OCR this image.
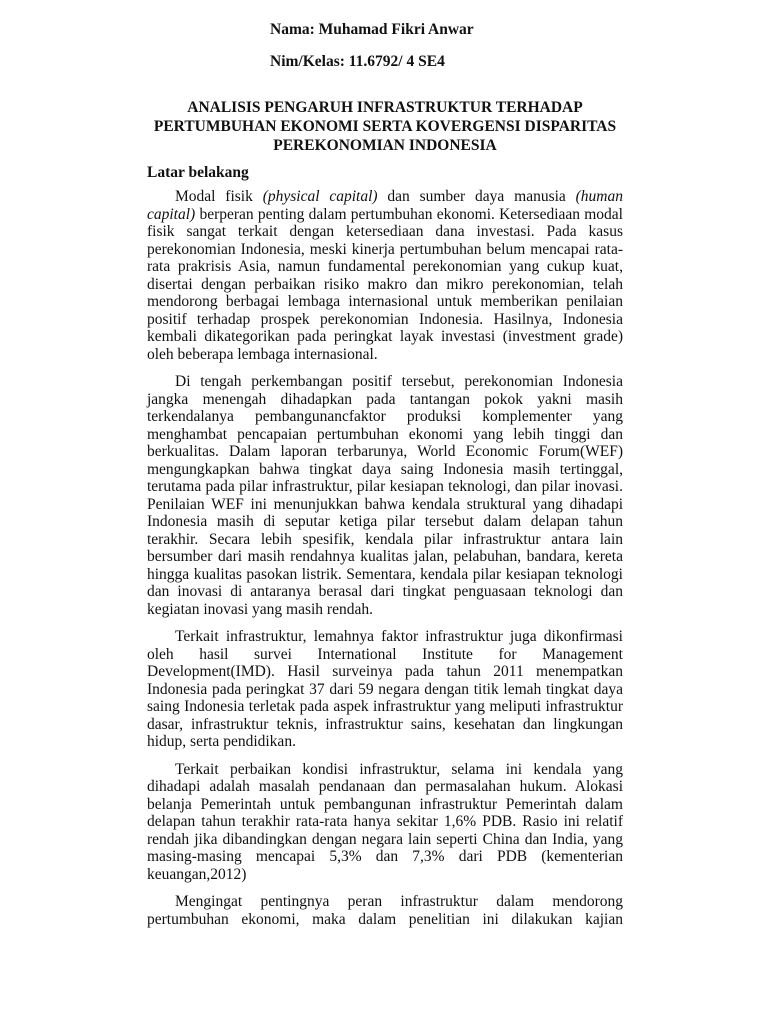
Nama: Muhamad Fikri Anwar
Nim/Kelas: 11.6792/ 4 SE4
ANALISIS PENGARUH INFRASTRUKTUR TERHADAP
PERTUMBUHAN EKONOMI SERTA KOVERGENSI DISPARITAS
PEREKONOMIAN INDONESIA
Latar belakang
Modal fisik (physical capital) dan sumber daya manusia (human
capital) berperan penting dalam pertumbuhan ekonomi. Ketersediaan modal
fisik sangat terkait dengan ketersediaan dana investasi. Pada kasus
perekonomian Indonesia, meski kinerja pertumbuhan belum mencapai rata-
rata prakrisis Asia, namun fundamental perekonomian yang cukup kuat,
disertai dengan perbaikan risiko makro dan mikro perekonomian, telah
mendorong berbagai lembaga internasional untuk memberikan penilaian
positif terhadap prospek perekonomian Indonesia. Hasilnya, Indonesia
kembali dikategorikan pada peringkat layak investasi (investment grade)
oleh beberapa lembaga internasional.
Di tengah perkembangan positif tersebut, perekonomian Indonesia
jangka menengah dihadapkan pada tantangan pokok yakni masih
terkendalanya pembangunancfaktor produksi komplementer yang
menghambat pencapaian pertumbuhan ekonomi yang lebih tinggi dan
berkualitas. Dalam laporan terbarunya, World Economic Forum(WEF)
mengungkapkan bahwa tingkat daya saing Indonesia masih tertinggal,
terutama pada pilar infrastruktur, pilar kesiapan teknologi, dan pilar inovasi.
Penilaian WEF ini menunjukkan bahwa kendala struktural yang dihadapi
Indonesia masih di seputar ketiga pilar tersebut dalam delapan tahun
terakhir. Secara lebih spesifik, kendala pilar infrastruktur antara lain
bersumber dari masih rendahnya kualitas jalan, pelabuhan, bandara, kereta
hingga kualitas pasokan listrik. Sementara, kendala pilar kesiapan teknologi
dan inovasi di antaranya berasal dari tingkat penguasaan teknologi dan
kegiatan inovasi yang masih rendah.
Terkait infrastruktur, lemahnya faktor infrastruktur juga dikonfirmasi
oleh hasil survei International Institute for Management
Development(IMD). Hasil surveinya pada tahun 2011 menempatkan
Indonesia pada peringkat 37 dari 59 negara dengan titik lemah tingkat daya
saing Indonesia terletak pada aspek infrastruktur yang meliputi infrastruktur
dasar, infrastruktur teknis, infrastruktur sains, kesehatan dan lingkungan
hidup, serta pendidikan.
Terkait perbaikan kondisi infrastruktur, selama ini kendala yang
dihadapi adalah masalah pendanaan dan permasalahan hukum. Alokasi
belanja Pemerintah untuk pembangunan infrastruktur Pemerintah dalam
delapan tahun terakhir rata-rata hanya sekitar 1,6% PDB. Rasio ini relatif
rendah jika dibandingkan dengan negara lain seperti China dan India, yang
masing-masing mencapai 5,3% dan 7,3% dari PDB (kementerian
keuangan,2012)
Mengingat pentingnya peran infrastruktur dalam mendorong
pertumbuhan ekonomi, maka dalam penelitian ini dilakukan kajian
